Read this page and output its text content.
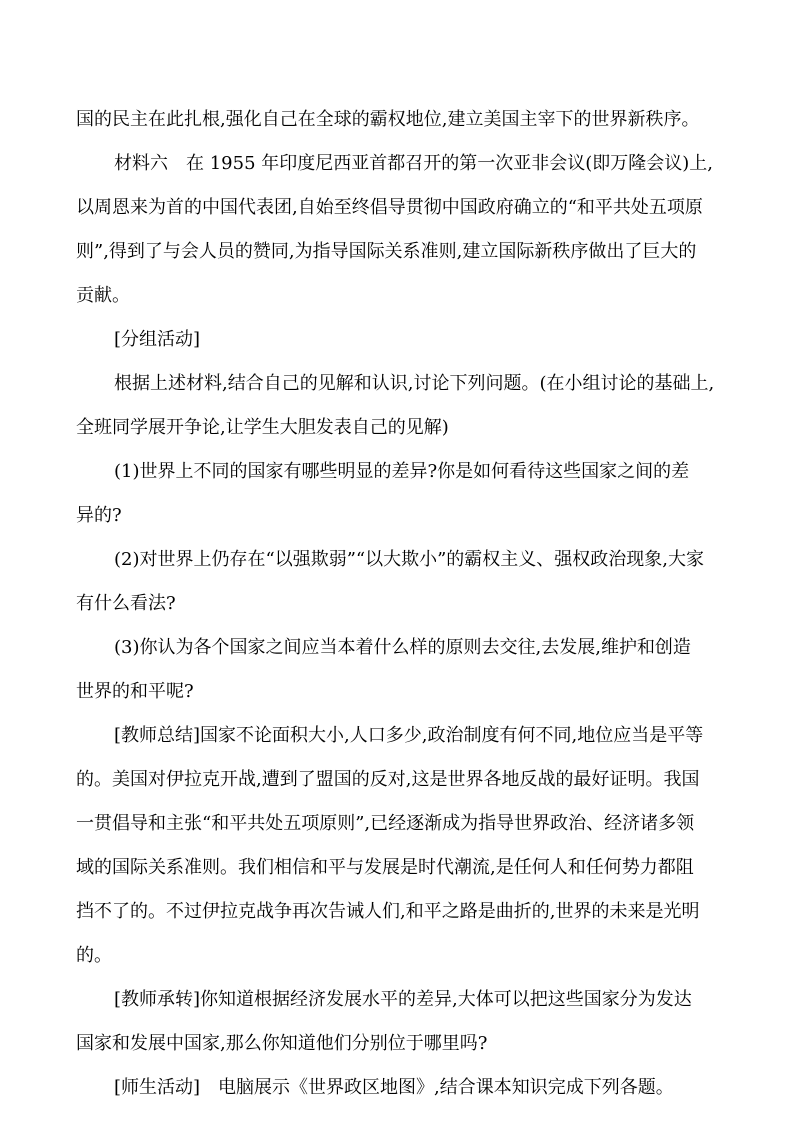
国的民主在此扎根,强化自己在全球的霸权地位,建立美国主宰下的世界新秩序。
材料六　在 1955 年印度尼西亚首都召开的第一次亚非会议(即万隆会议)上,
以周恩来为首的中国代表团,自始至终倡导贯彻中国政府确立的“和平共处五项原
则”,得到了与会人员的赞同,为指导国际关系准则,建立国际新秩序做出了巨大的
贡献。
[分组活动]
根据上述材料,结合自己的见解和认识,讨论下列问题。(在小组讨论的基础上,
全班同学展开争论,让学生大胆发表自己的见解)
(1)世界上不同的国家有哪些明显的差异?你是如何看待这些国家之间的差
异的?
(2)对世界上仍存在“以强欺弱”“以大欺小”的霸权主义、强权政治现象,大家
有什么看法?
(3)你认为各个国家之间应当本着什么样的原则去交往,去发展,维护和创造
世界的和平呢?
[教师总结]国家不论面积大小,人口多少,政治制度有何不同,地位应当是平等
的。美国对伊拉克开战,遭到了盟国的反对,这是世界各地反战的最好证明。我国
一贯倡导和主张“和平共处五项原则”,已经逐渐成为指导世界政治、经济诸多领
域的国际关系准则。我们相信和平与发展是时代潮流,是任何人和任何势力都阻
挡不了的。不过伊拉克战争再次告诫人们,和平之路是曲折的,世界的未来是光明
的。
[教师承转]你知道根据经济发展水平的差异,大体可以把这些国家分为发达
国家和发展中国家,那么你知道他们分别位于哪里吗?
[师生活动]　电脑展示《世界政区地图》,结合课本知识完成下列各题。
